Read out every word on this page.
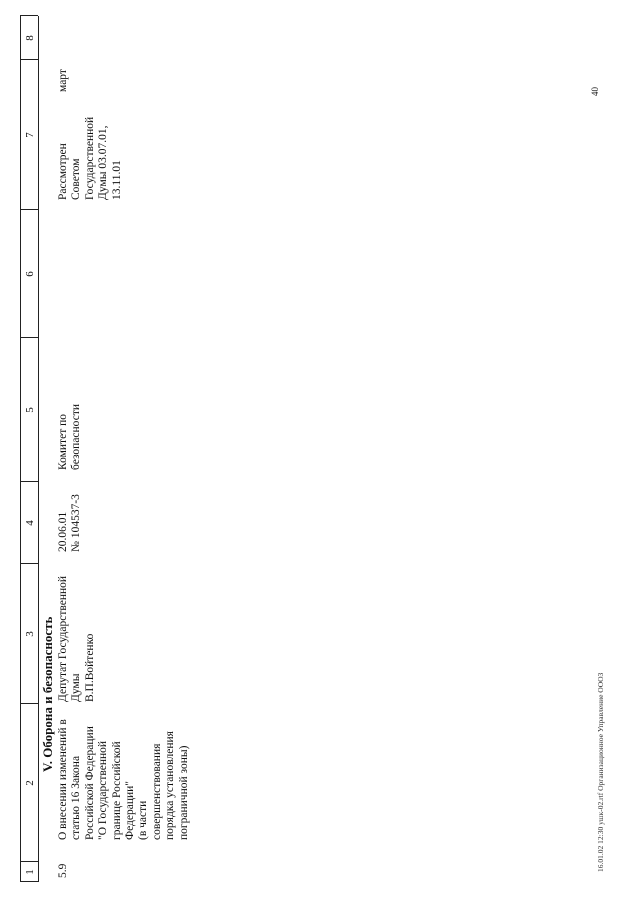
1
2
3
4
5
6
7
8
V. Оборона и безопасность
5.9
О внесении изменений в
статью 16 Закона
Российской Федерации
"О Государственной
границе Российской
Федерации"
(в части
совершенствования
порядка установления
пограничной зоны)
Депутат Государственной
Думы
В.П.Войтенко
20.06.01
№ 104537-3
Комитет по
безопасности
Рассмотрен
Советом
Государственной
Думы 03.07.01,
13.11.01
март	40
16.01.02 12:30 ушк-02.rtf Организационное Управление ООО3
